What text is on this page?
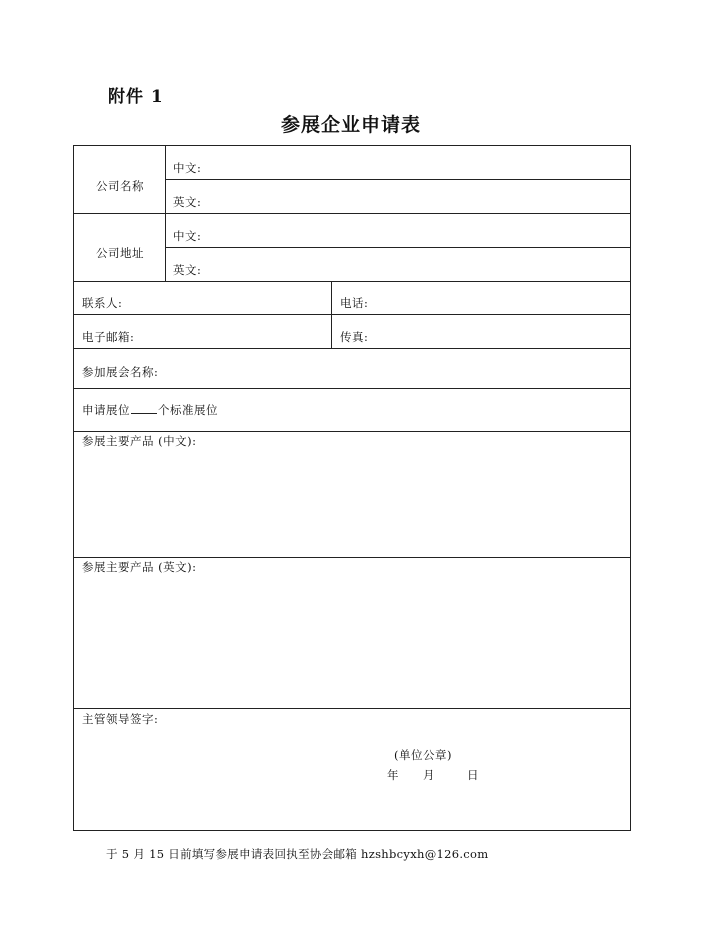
附件 1
参展企业申请表
公司名称
中文:
英文:
公司地址
中文:
英文:
联系人:	电话:
电子邮箱:	传真:
参加展会名称:
申请展位 个标准展位
参展主要产品 (中文):
参展主要产品 (英文):
主管领导签字:
(单位公章)
年 月	日
于 5 月 15 日前填写参展申请表回执至协会邮箱 hzshbcyxh@126.com
